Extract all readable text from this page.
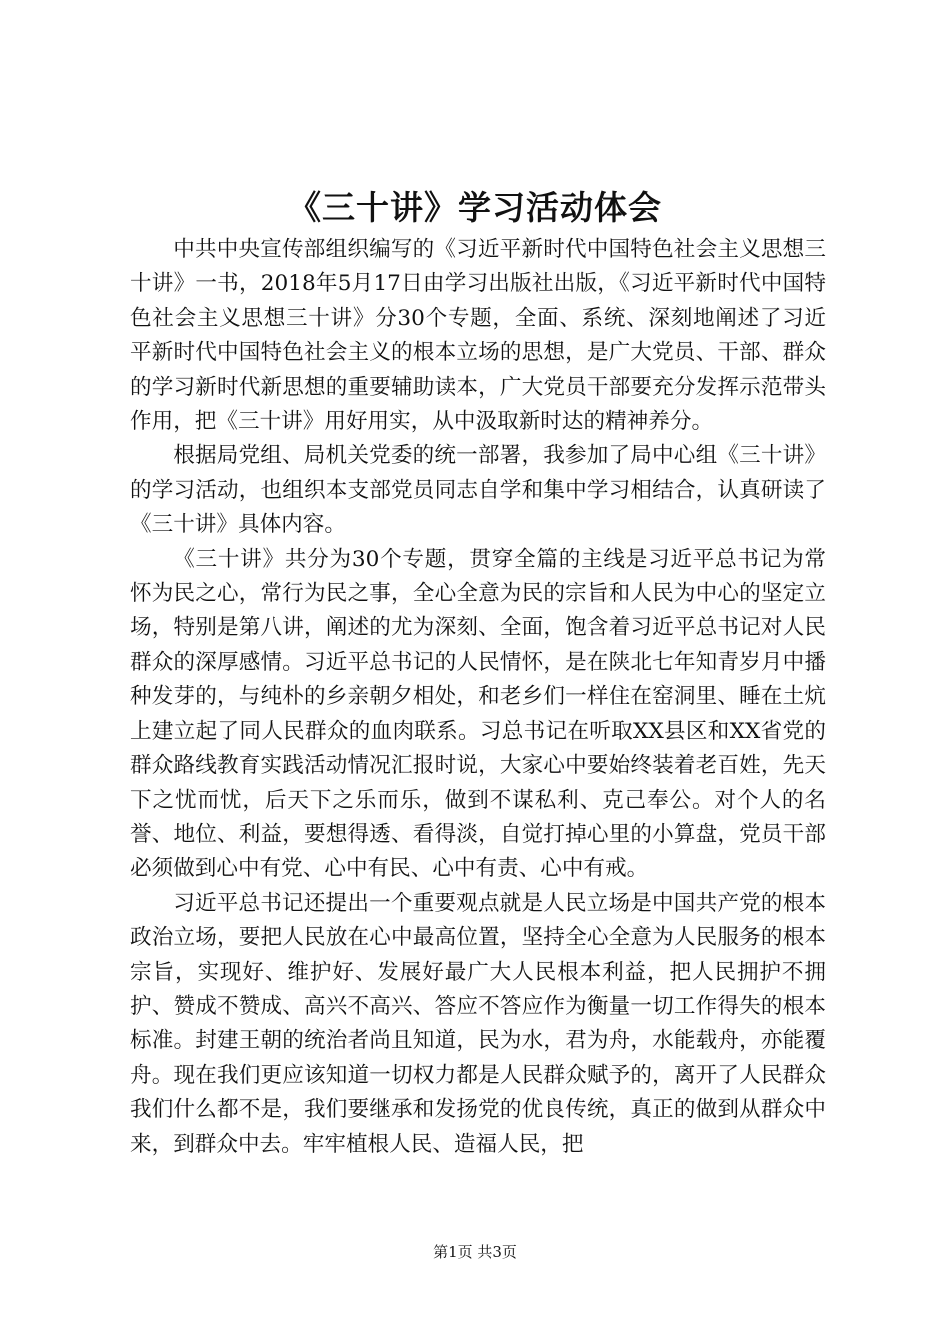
《三十讲》学习活动体会

中共中央宣传部组织编写的《习近平新时代中国特色社会主义思想三十讲》一书，2018年5月17日由学习出版社出版，《习近平新时代中国特色社会主义思想三十讲》分30个专题，全面、系统、深刻地阐述了习近平新时代中国特色社会主义的根本立场的思想，是广大党员、干部、群众的学习新时代新思想的重要辅助读本，广大党员干部要充分发挥示范带头作用，把《三十讲》用好用实，从中汲取新时达的精神养分。

根据局党组、局机关党委的统一部署，我参加了局中心组《三十讲》的学习活动，也组织本支部党员同志自学和集中学习相结合，认真研读了《三十讲》具体内容。

《三十讲》共分为30个专题，贯穿全篇的主线是习近平总书记为常怀为民之心，常行为民之事，全心全意为民的宗旨和人民为中心的坚定立场，特别是第八讲，阐述的尤为深刻、全面，饱含着习近平总书记对人民群众的深厚感情。习近平总书记的人民情怀，是在陕北七年知青岁月中播种发芽的，与纯朴的乡亲朝夕相处，和老乡们一样住在窑洞里、睡在土炕上建立起了同人民群众的血肉联系。习总书记在听取XX县区和XX省党的群众路线教育实践活动情况汇报时说，大家心中要始终装着老百姓，先天下之忧而忧，后天下之乐而乐，做到不谋私利、克己奉公。对个人的名誉、地位、利益，要想得透、看得淡，自觉打掉心里的小算盘，党员干部必须做到心中有党、心中有民、心中有责、心中有戒。

习近平总书记还提出一个重要观点就是人民立场是中国共产党的根本政治立场，要把人民放在心中最高位置，坚持全心全意为人民服务的根本宗旨，实现好、维护好、发展好最广大人民根本利益，把人民拥护不拥护、赞成不赞成、高兴不高兴、答应不答应作为衡量一切工作得失的根本标准。封建王朝的统治者尚且知道，民为水，君为舟，水能载舟，亦能覆舟。现在我们更应该知道一切权力都是人民群众赋予的，离开了人民群众我们什么都不是，我们要继承和发扬党的优良传统，真正的做到从群众中来，到群众中去。牢牢植根人民、造福人民，把

第1页 共3页
